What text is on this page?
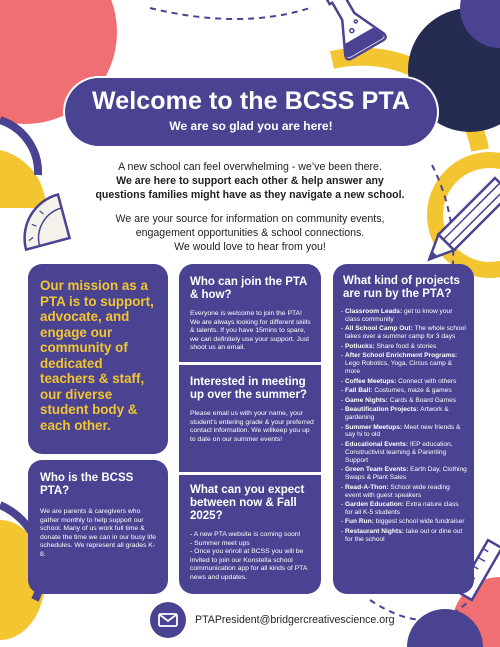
Welcome to the BCSS PTA
We are so glad you are here!

A new school can feel overwhelming - we’ve been there.
We are here to support each other & help answer any questions families might have as they navigate a new school.

We are your source for information on community events, engagement opportunities & school connections.
We would love to hear from you!

Our mission as a PTA is to support, advocate, and engage our community of dedicated teachers & staff, our diverse student body & each other.
Who is the BCSS PTA?
We are parents & caregivers who gather monthly to help support our school. Many of us work full time & donate the time we can in our busy life schedules. We represent all grades K-8.
Who can join the PTA & how?
Everyone is welcome to join the PTA! We are always looking for different skills & talents. If you have 15mins to spare, we can definitely use your support. Just shoot us an email.
Interested in meeting up over the summer?
Please email us with your name, your student’s entering grade & your preferred contact information. We willkeep you up to date on our summer events!
What can you expect between now & Fall 2025?
- A new PTA website is coming soon!
- Summer meet ups
- Once you enroll at BCSS you will be invited to join our Konstella school communication app for all kinds of PTA news and updates.
What kind of projects are run by the PTA?
- Classroom Leads: get to know your class community
- All School Camp Out: The whole school takes over a summer camp for 3 days
- Potlucks: Share food & stories
- After School Enrichment Programs: Lego Robotics, Yoga, Circus camp & more
- Coffee Meetups: Connect with others
- Fall Ball: Costumes, maze & games
- Game Nights: Cards & Board Games
- Beautification Projects: Artwork & gardening
- Summer Meetups: Meet new friends & say hi to old
- Educational Events: IEP education, Constructivist learning & Parenting Support
- Green Team Events: Earth Day, Clothing Swaps & Plant Sales
- Read-A-Thon: School wide reading event with guest speakers
- Garden Education: Extra nature class for all K-5 students
- Fun Run: biggest school wide fundraiser
- Restaurant Nights: take out or dine out for the school
PTAPresident@bridgercreativescience.org
